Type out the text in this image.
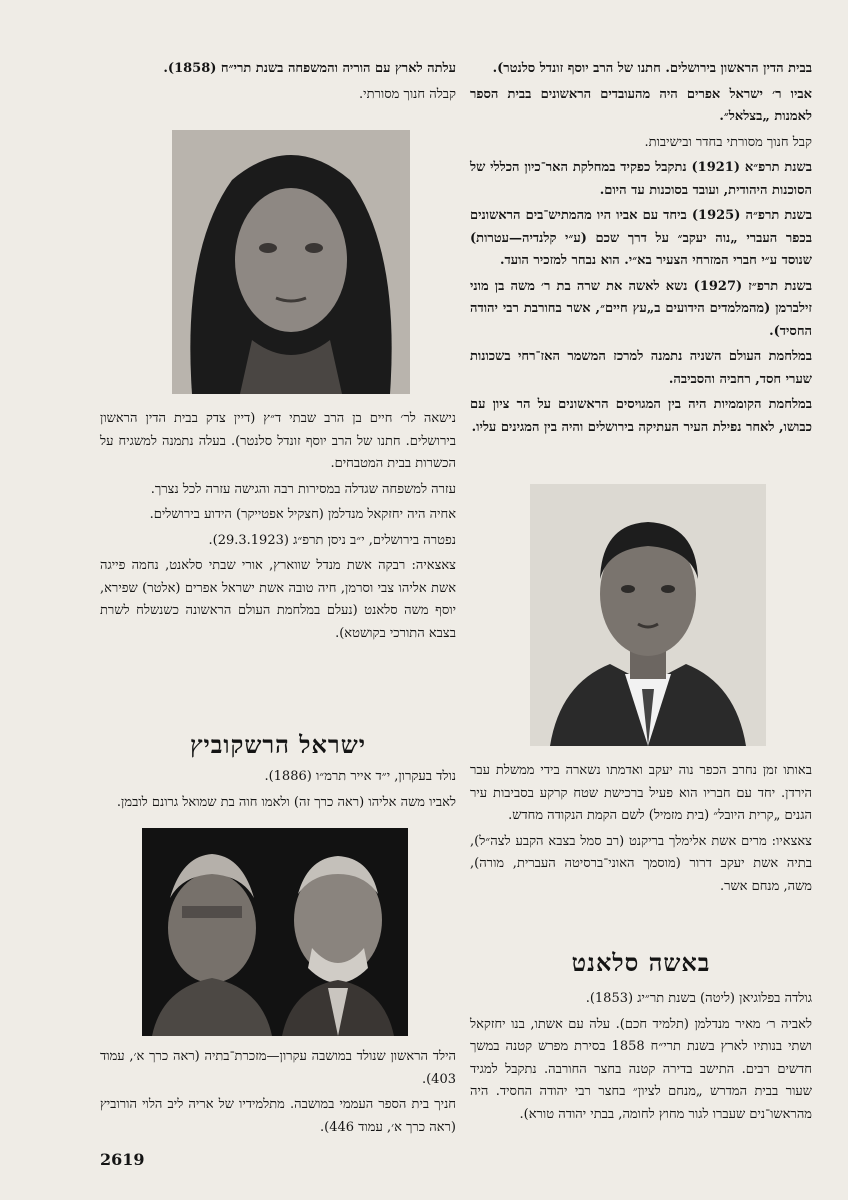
בבית הדין הראשון בירושלים. חתנו של הרב יוסף זונדל סלנטר).

אביו ר׳ ישראל אפרים היה מהעובדים הראשונים בבית הספר לאמנות „בצלאל״.

קבל חנוך מסורתי בחדר ובישיבות.

בשנת תרפ״א (1921) נתקבל כפקיד במחלקת האר־כיון הכללי של הסוכנות היהודית, ועובד בסוכנות עד היום.

בשנת תרפ״ה (1925) ביחד עם אביו היו מהמתיש־בים הראשונים בכפר העברי „נוה יעקב״ על דרך שכם (ע״י קלנדיה—עטרות) שנוסד ע״י חברי המזרחי הצעיר בא״י. הוא נבחר למזכיר הועד.

בשנת תרפ״ז (1927) נשא לאשה את שרה בת ר׳ משה בן מוני זילברמן (מהמלמדים הידועים ב„עץ חיים״, אשר בחורבת רבי יהודה החסיד).

במלחמת העולם השניה נתמנה למרכז המשמר האז־רחי בשכונות שערי חסד, רחביה והסביבה.

במלחמת הקוממיות היה בין המגויסים הראשונים על הר ציון עם כבושו, לאחר נפילת העיר העתיקה בירושלים והיה בין המגינים עליו.

באותו זמן נחרב הכפר נוה יעקב ואדמתו נשארה בידי ממשלת עבר הירדן. יחד עם חבריו הוא פעיל ברכישת שטח קרקע בסביבות עיר הגנים „קרית היובל״ (בית מזמיל) לשם הקמת הנקודה מחדש.

צאצאיו: מרים אשת אלימלך בריקנט (רב סמל בצבא הקבע לצה״ל), בתיה אשת יעקב דרור (מוסמך האוני־ברסיטה העברית, מורה), משה, מנחם אשר.

באשה סלאנט

גולדה בפלוגיאן (ליטה) בשנת תר״יג (1853).

לאביה ר׳ מאיר מנדלמן (תלמיד חכם). עלה עם אשתו, בנו יחזקאל ושתי בנותיו לארץ בשנת תרי״ח 1858 בסירת מפרש קטנה במשך חדשים רבים. התישב בדירה קטנה בחצר החורבה. נתקבל למגיד שעור בבית המדרש „מנחם לציון״ בחצר רבי יהודה החסיד. היה מהראשו־נים שעברו לגור מחוץ לחומה, בבתי יהודה טורא).

עלתה לארץ עם הוריה והמשפחה בשנת תרי״ח (1858).

קבלה חנוך מסורתי.

נישאה לר׳ חיים בן הרב שבתי ד״ץ (דיין צדק בבית הדין הראשון בירושלים. חתנו של הרב יוסף זונדל סלנטר). בעלה נתמנה למשגיח על הכשרות בבית המטבחים.

עזרה למשפחה שגדלה במסירות רבה והגישה עזרה לכל נצרך.

אחיה היה יחזקאל מנדלמן (חצקיל אפטייקר) הידוע בירושלים.

נפטרה בירושלים, י״ב ניסן תרפ״ג (29.3.1923).

צאצאיה: רבקה אשת מנדל שווארץ, אורי שבתי סלאנט, נחמה פייגה אשת אליהו צבי וסרמן, חיה טובה אשת ישראל אפרים (אלטר) שפירא, יוסף משה סלאנט (נעלם במלחמת העולם הראשונה כשנשלח לשרת בצבא התורכי בקושטא).

ישראל הרשקוביץ

נולד בעקרון, י״ד אייר תרמ״ו (1886).

לאביו משה אליהו (ראה כרך זה) ולאמו חוה בת שמואל גרונם לובמן.

הילד הראשון שנולד במושבה עקרון—מזכרת־בתיה (ראה כרך א׳, עמוד 403).

חניך בית הספר העממי במושבה. מתלמידיו של אריה ליב הלוי הורוביץ (ראה כרך א׳, עמוד 446).

2619
